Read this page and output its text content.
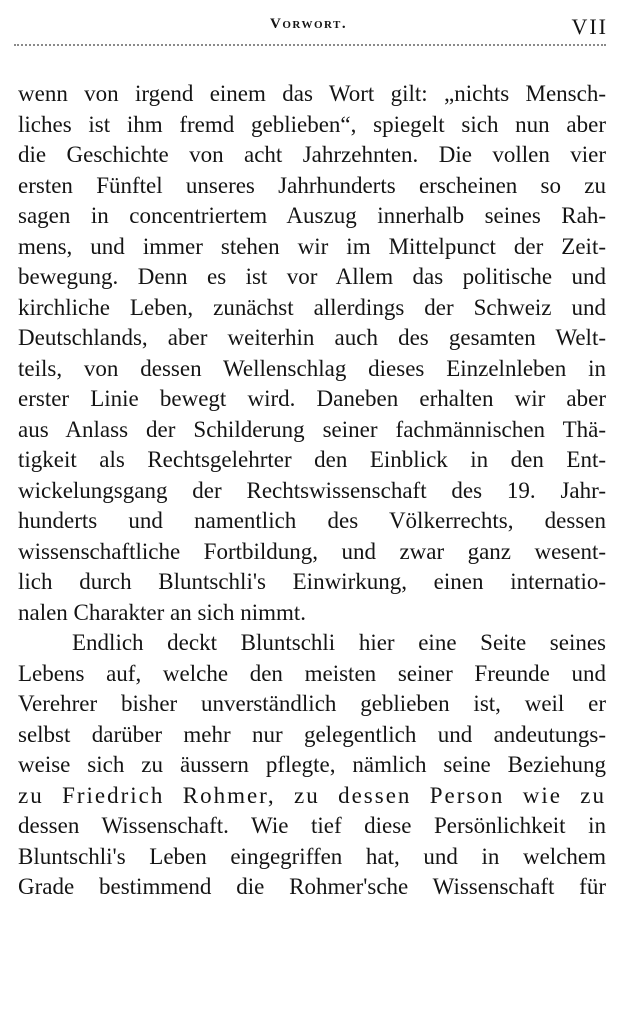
Vorwort.	VII
wenn von irgend einem das Wort gilt: „nichts Mensch-
liches ist ihm fremd geblieben“, spiegelt sich nun aber
die Geschichte von acht Jahrzehnten. Die vollen vier
ersten Fünftel unseres Jahrhunderts erscheinen so zu
sagen in concentriertem Auszug innerhalb seines Rah-
mens, und immer stehen wir im Mittelpunct der Zeit-
bewegung. Denn es ist vor Allem das politische und
kirchliche Leben, zunächst allerdings der Schweiz und
Deutschlands, aber weiterhin auch des gesamten Welt-
teils, von dessen Wellenschlag dieses Einzelnleben in
erster Linie bewegt wird. Daneben erhalten wir aber
aus Anlass der Schilderung seiner fachmännischen Thä-
tigkeit als Rechtsgelehrter den Einblick in den Ent-
wickelungsgang der Rechtswissenschaft des 19. Jahr-
hunderts und namentlich des Völkerrechts, dessen
wissenschaftliche Fortbildung, und zwar ganz wesent-
lich durch Bluntschli's Einwirkung, einen internatio-
nalen Charakter an sich nimmt.
Endlich deckt Bluntschli hier eine Seite seines
Lebens auf, welche den meisten seiner Freunde und
Verehrer bisher unverständlich geblieben ist, weil er
selbst darüber mehr nur gelegentlich und andeutungs-
weise sich zu äussern pflegte, nämlich seine Beziehung
zu Friedrich Rohmer, zu dessen Person wie zu
dessen Wissenschaft. Wie tief diese Persönlichkeit in
Bluntschli's Leben eingegriffen hat, und in welchem
Grade bestimmend die Rohmer'sche Wissenschaft für
